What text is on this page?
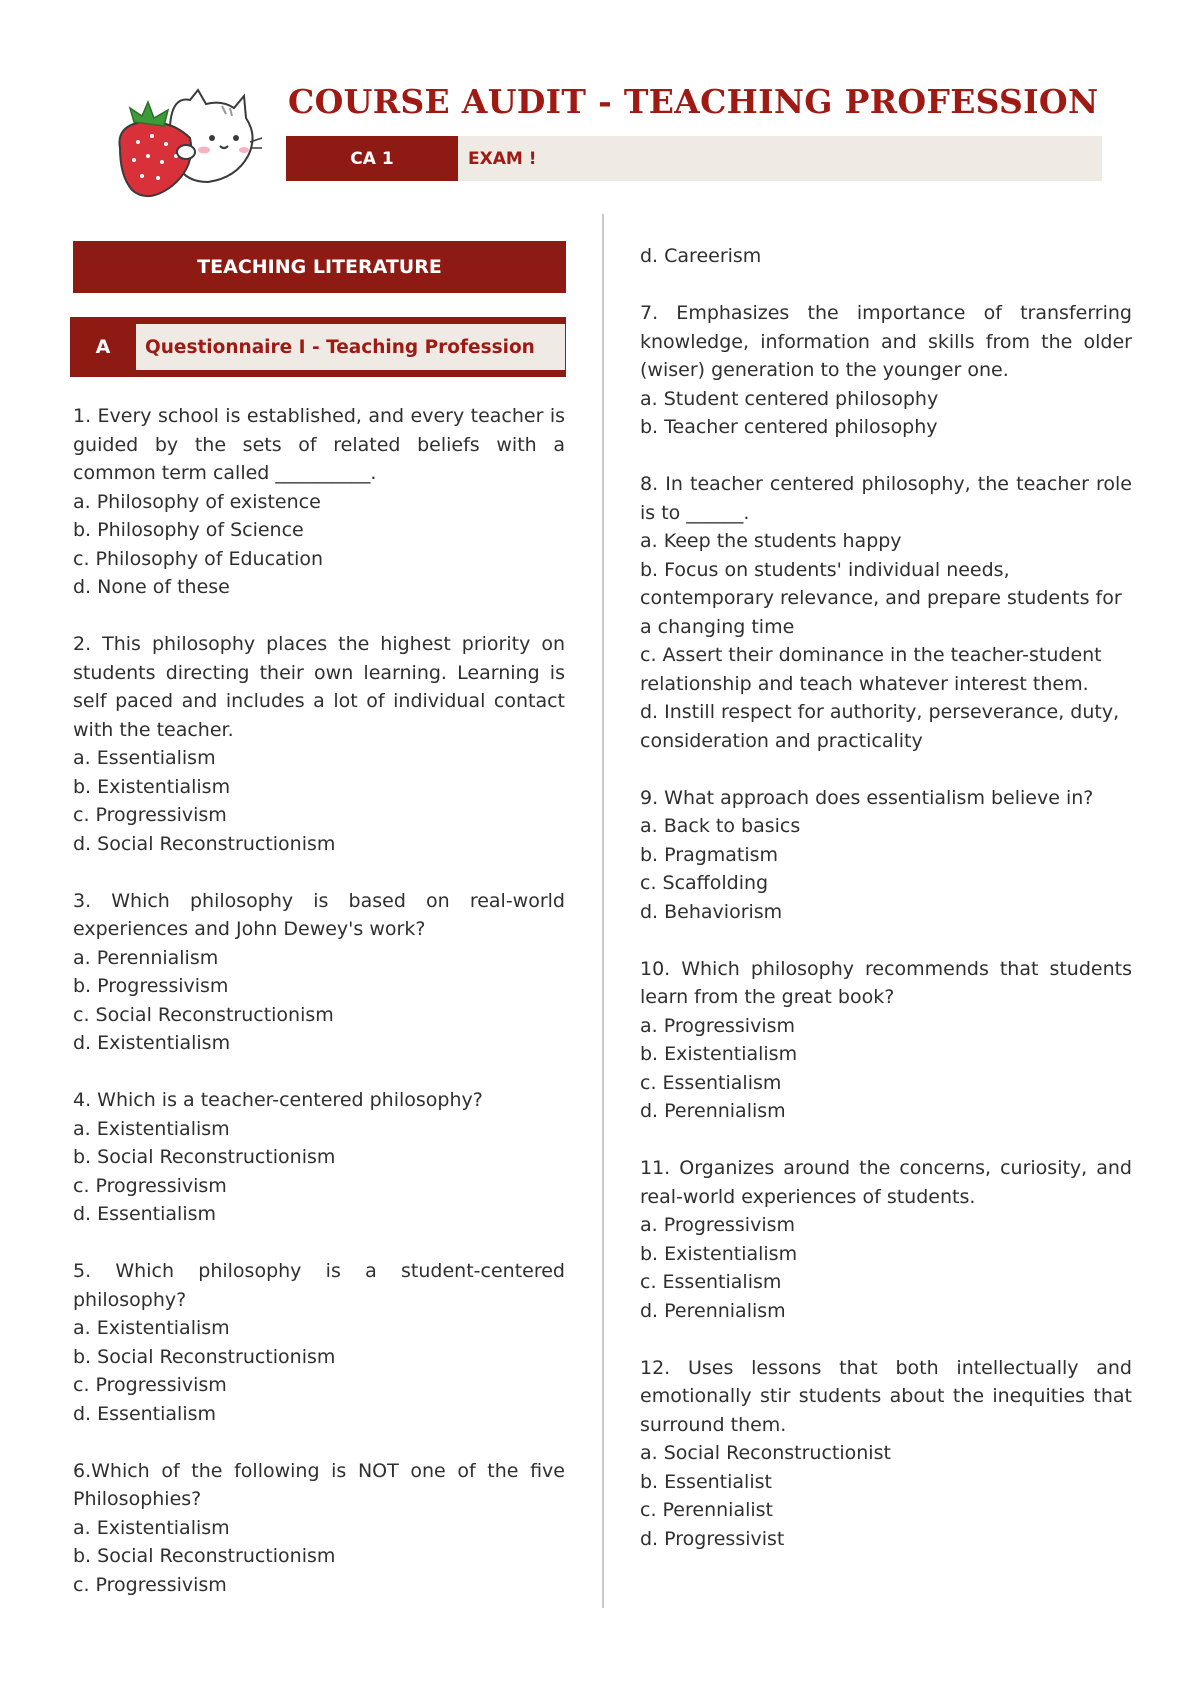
COURSE AUDIT - TEACHING PROFESSION
CA 1	EXAM !
TEACHING LITERATURE
A	Questionnaire I - Teaching Profession
1. Every school is established, and every teacher is guided by the sets of related beliefs with a common term called __________.
a. Philosophy of existence
b. Philosophy of Science
c. Philosophy of Education
d. None of these
2. This philosophy places the highest priority on students directing their own learning. Learning is self paced and includes a lot of individual contact with the teacher.
a. Essentialism
b. Existentialism
c. Progressivism
d. Social Reconstructionism
3. Which philosophy is based on real-world experiences and John Dewey's work?
a. Perennialism
b. Progressivism
c. Social Reconstructionism
d. Existentialism
4. Which is a teacher-centered philosophy?
a. Existentialism
b. Social Reconstructionism
c. Progressivism
d. Essentialism
5. Which philosophy is a student-centered philosophy?
a. Existentialism
b. Social Reconstructionism
c. Progressivism
d. Essentialism
6.Which of the following is NOT one of the five Philosophies?
a. Existentialism
b. Social Reconstructionism
c. Progressivism
d. Careerism
7. Emphasizes the importance of transferring knowledge, information and skills from the older (wiser) generation to the younger one.
a. Student centered philosophy
b. Teacher centered philosophy
8. In teacher centered philosophy, the teacher role is to ______.
a. Keep the students happy
b. Focus on students' individual needs, contemporary relevance, and prepare students for a changing time
c. Assert their dominance in the teacher-student relationship and teach whatever interest them.
d. Instill respect for authority, perseverance, duty, consideration and practicality
9. What approach does essentialism believe in?
a. Back to basics
b. Pragmatism
c. Scaffolding
d. Behaviorism
10. Which philosophy recommends that students learn from the great book?
a. Progressivism
b. Existentialism
c. Essentialism
d. Perennialism
11. Organizes around the concerns, curiosity, and real-world experiences of students.
a. Progressivism
b. Existentialism
c. Essentialism
d. Perennialism
12. Uses lessons that both intellectually and emotionally stir students about the inequities that surround them.
a. Social Reconstructionist
b. Essentialist
c. Perennialist
d. Progressivist
